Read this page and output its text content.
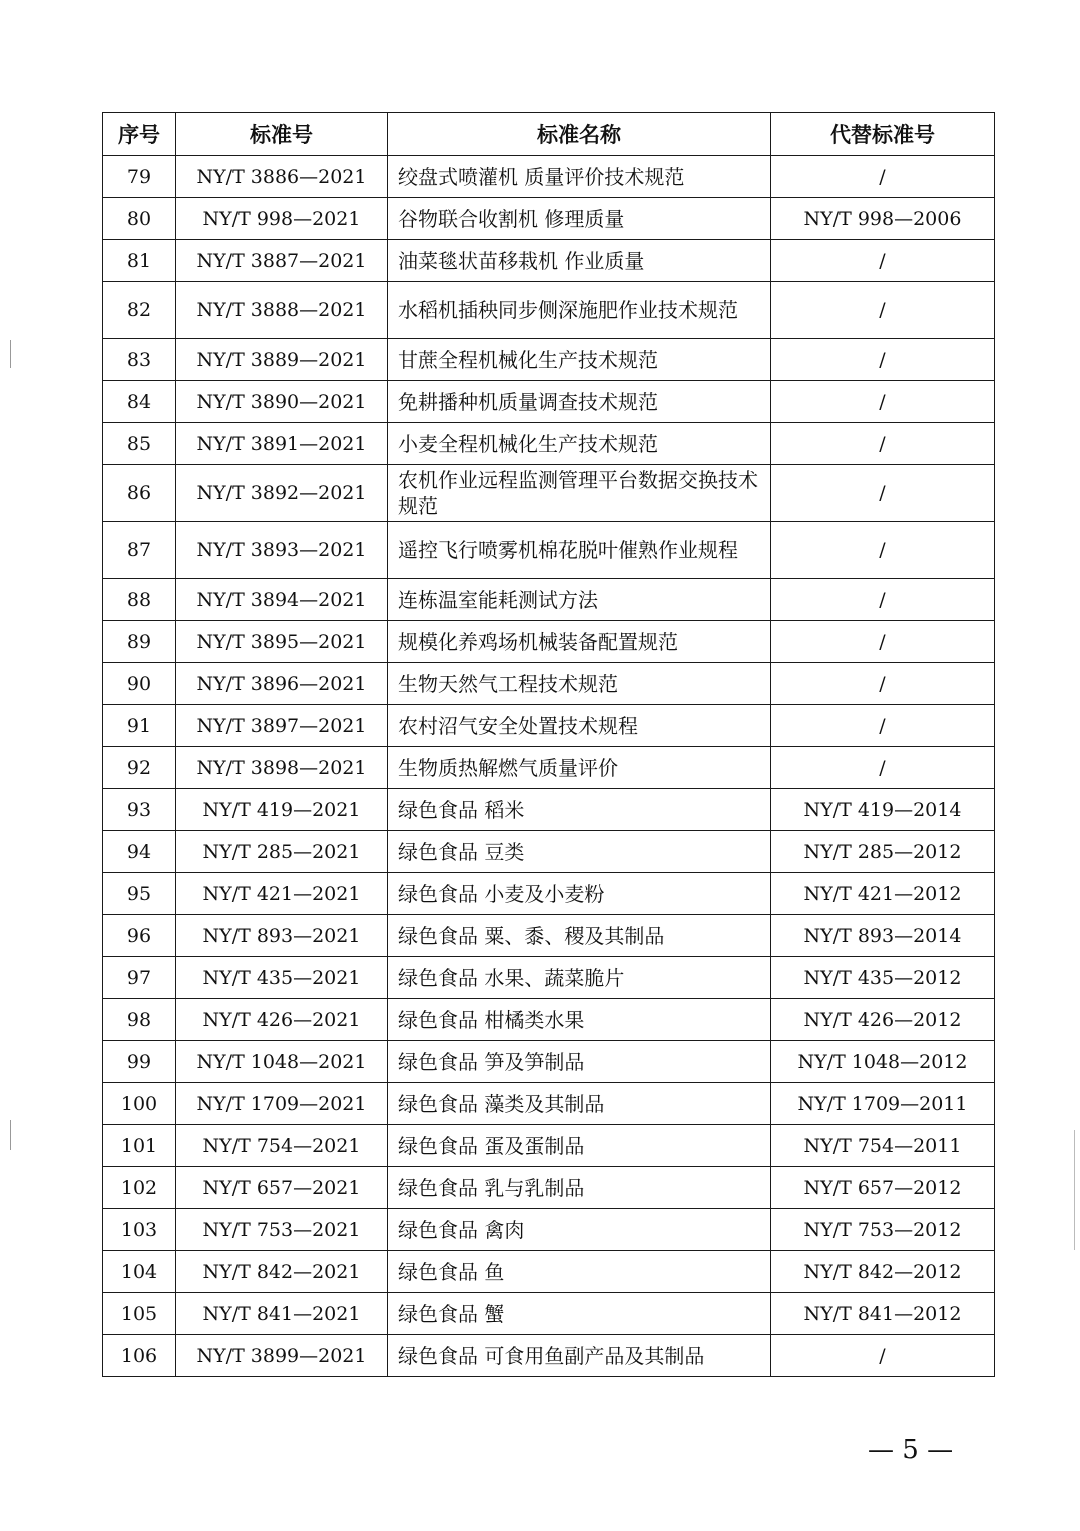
序号	标准号	标准名称	代替标准号
79	NY/T 3886—2021	绞盘式喷灌机 质量评价技术规范	/
80	NY/T 998—2021	谷物联合收割机 修理质量	NY/T 998—2006
81	NY/T 3887—2021	油菜毯状苗移栽机 作业质量	/
82	NY/T 3888—2021	水稻机插秧同步侧深施肥作业技术规范	/
83	NY/T 3889—2021	甘蔗全程机械化生产技术规范	/
84	NY/T 3890—2021	免耕播种机质量调查技术规范	/
85	NY/T 3891—2021	小麦全程机械化生产技术规范	/
86	NY/T 3892—2021	农机作业远程监测管理平台数据交换技术规范	/
87	NY/T 3893—2021	遥控飞行喷雾机棉花脱叶催熟作业规程	/
88	NY/T 3894—2021	连栋温室能耗测试方法	/
89	NY/T 3895—2021	规模化养鸡场机械装备配置规范	/
90	NY/T 3896—2021	生物天然气工程技术规范	/
91	NY/T 3897—2021	农村沼气安全处置技术规程	/
92	NY/T 3898—2021	生物质热解燃气质量评价	/
93	NY/T 419—2021	绿色食品 稻米	NY/T 419—2014
94	NY/T 285—2021	绿色食品 豆类	NY/T 285—2012
95	NY/T 421—2021	绿色食品 小麦及小麦粉	NY/T 421—2012
96	NY/T 893—2021	绿色食品 粟、黍、稷及其制品	NY/T 893—2014
97	NY/T 435—2021	绿色食品 水果、蔬菜脆片	NY/T 435—2012
98	NY/T 426—2021	绿色食品 柑橘类水果	NY/T 426—2012
99	NY/T 1048—2021	绿色食品 笋及笋制品	NY/T 1048—2012
100	NY/T 1709—2021	绿色食品 藻类及其制品	NY/T 1709—2011
101	NY/T 754—2021	绿色食品 蛋及蛋制品	NY/T 754—2011
102	NY/T 657—2021	绿色食品 乳与乳制品	NY/T 657—2012
103	NY/T 753—2021	绿色食品 禽肉	NY/T 753—2012
104	NY/T 842—2021	绿色食品 鱼	NY/T 842—2012
105	NY/T 841—2021	绿色食品 蟹	NY/T 841—2012
106	NY/T 3899—2021	绿色食品 可食用鱼副产品及其制品	/
— 5 —
